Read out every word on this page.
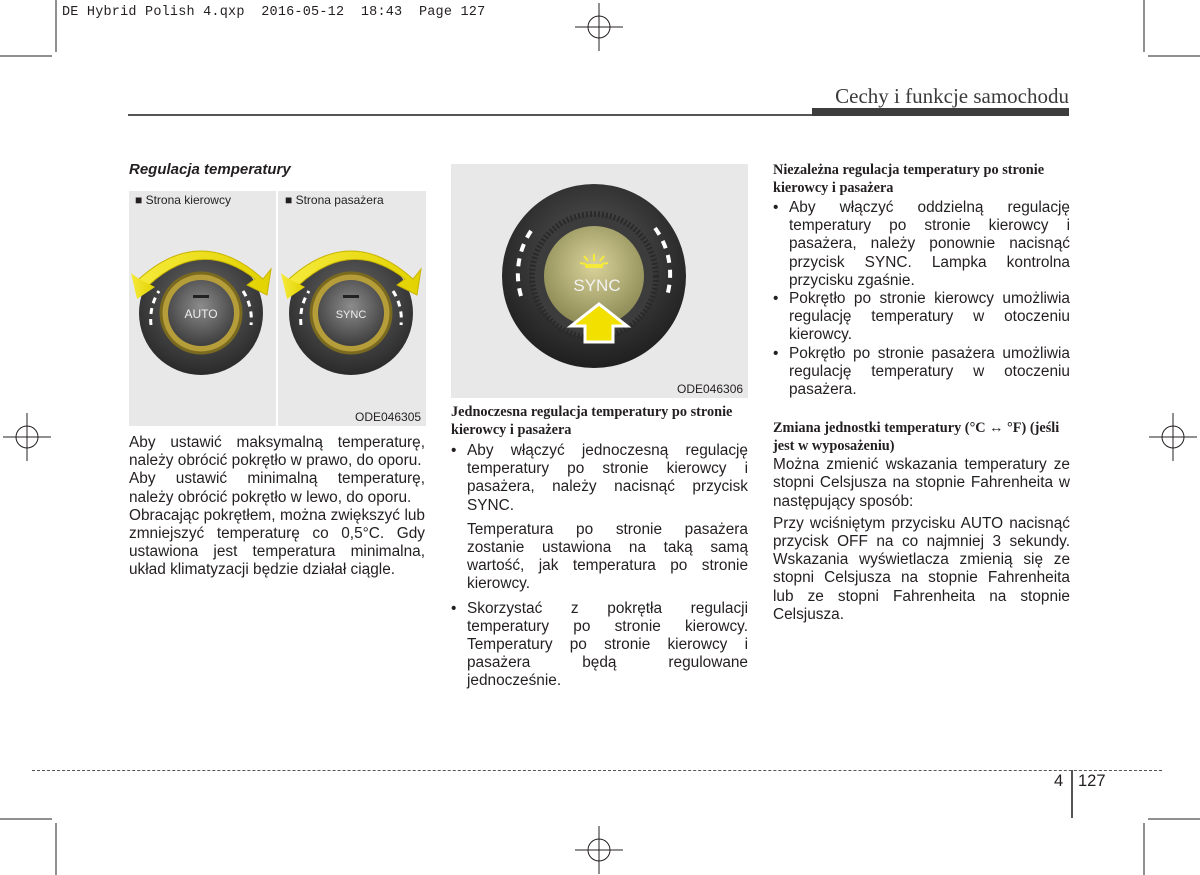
DE Hybrid Polish 4.qxp  2016-05-12  18:43  Page 127
Cechy i funkcje samochodu
Regulacja temperatury
■ Strona kierowcy	■ Strona pasażera
AUTO	SYNC
ODE046305

Aby ustawić maksymalną temperaturę, należy obrócić pokrętło w prawo, do oporu.

Aby ustawić minimalną temperaturę, należy obrócić pokrętło w lewo, do oporu.

Obracając pokrętłem, można zwiększyć lub zmniejszyć temperaturę co 0,5°C. Gdy ustawiona jest temperatura minimalna, układ klimatyzacji będzie działał ciągle.

SYNC
ODE046306
Jednoczesna regulacja temperatury po stronie kierowcy i pasażera

• Aby włączyć jednoczesną regulację temperatury po stronie kierowcy i pasażera, należy nacisnąć przycisk SYNC.

Temperatura po stronie pasażera zostanie ustawiona na taką samą wartość, jak temperatura po stronie kierowcy.

• Skorzystać z pokrętła regulacji temperatury po stronie kierowcy. Temperatury po stronie kierowcy i pasażera będą regulowane jednocześnie.

Niezależna regulacja temperatury po stronie kierowcy i pasażera

• Aby włączyć oddzielną regulację temperatury po stronie kierowcy i pasażera, należy ponownie nacisnąć przycisk SYNC. Lampka kontrolna przycisku zgaśnie.

• Pokrętło po stronie kierowcy umożliwia regulację temperatury w otoczeniu kierowcy.

• Pokrętło po stronie pasażera umożliwia regulację temperatury w otoczeniu pasażera.

Zmiana jednostki temperatury (°C ↔ °F) (jeśli jest w wyposażeniu)

Można zmienić wskazania temperatury ze stopni Celsjusza na stopnie Fahrenheita w następujący sposób:

Przy wciśniętym przycisku AUTO nacisnąć przycisk OFF na co najmniej 3 sekundy. Wskazania wyświetlacza zmienią się ze stopni Celsjusza na stopnie Fahrenheita lub ze stopni Fahrenheita na stopnie Celsjusza.

4 127
